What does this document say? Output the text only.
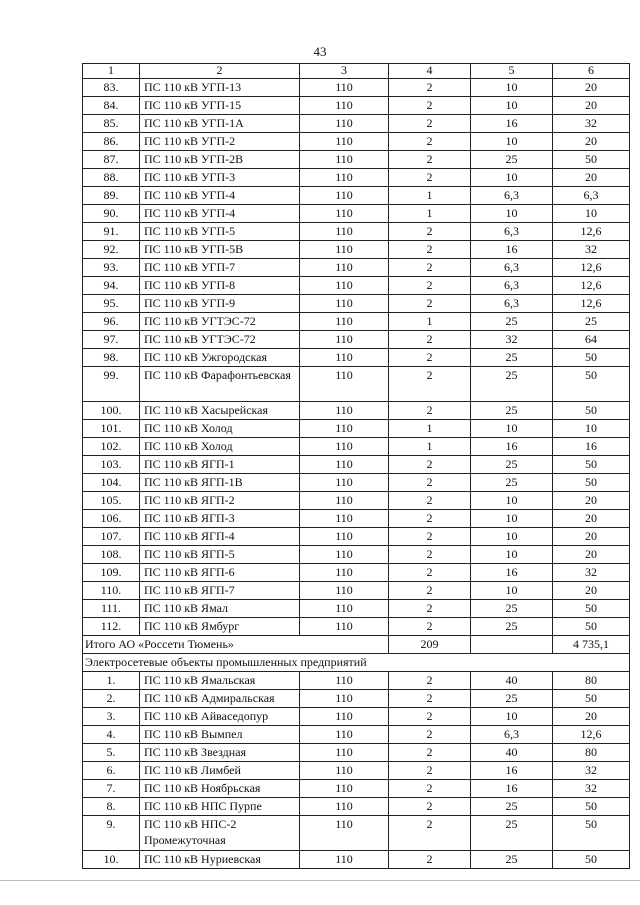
43
1	2	3	4	5	6
83.	ПС 110 кВ УГП-13	110	2	10	20
84.	ПС 110 кВ УГП-15	110	2	10	20
85.	ПС 110 кВ УГП-1А	110	2	16	32
86.	ПС 110 кВ УГП-2	110	2	10	20
87.	ПС 110 кВ УГП-2В	110	2	25	50
88.	ПС 110 кВ УГП-3	110	2	10	20
89.	ПС 110 кВ УГП-4	110	1	6,3	6,3
90.	ПС 110 кВ УГП-4	110	1	10	10
91.	ПС 110 кВ УГП-5	110	2	6,3	12,6
92.	ПС 110 кВ УГП-5В	110	2	16	32
93.	ПС 110 кВ УГП-7	110	2	6,3	12,6
94.	ПС 110 кВ УГП-8	110	2	6,3	12,6
95.	ПС 110 кВ УГП-9	110	2	6,3	12,6
96.	ПС 110 кВ УГТЭС-72	110	1	25	25
97.	ПС 110 кВ УГТЭС-72	110	2	32	64
98.	ПС 110 кВ Ужгородская	110	2	25	50
99.	ПС 110 кВ Фарафонтьевская	110	2	25	50
100.	ПС 110 кВ Хасырейская	110	2	25	50
101.	ПС 110 кВ Холод	110	1	10	10
102.	ПС 110 кВ Холод	110	1	16	16
103.	ПС 110 кВ ЯГП-1	110	2	25	50
104.	ПС 110 кВ ЯГП-1В	110	2	25	50
105.	ПС 110 кВ ЯГП-2	110	2	10	20
106.	ПС 110 кВ ЯГП-3	110	2	10	20
107.	ПС 110 кВ ЯГП-4	110	2	10	20
108.	ПС 110 кВ ЯГП-5	110	2	10	20
109.	ПС 110 кВ ЯГП-6	110	2	16	32
110.	ПС 110 кВ ЯГП-7	110	2	10	20
111.	ПС 110 кВ Ямал	110	2	25	50
112.	ПС 110 кВ Ямбург	110	2	25	50
Итого АО «Россети Тюмень»			209		4 735,1
Электросетевые объекты промышленных предприятий					
1.	ПС 110 кВ Ямальская	110	2	40	80
2.	ПС 110 кВ Адмиральская	110	2	25	50
3.	ПС 110 кВ Айваседопур	110	2	10	20
4.	ПС 110 кВ Вымпел	110	2	6,3	12,6
5.	ПС 110 кВ Звездная	110	2	40	80
6.	ПС 110 кВ Лимбей	110	2	16	32
7.	ПС 110 кВ Ноябрьская	110	2	16	32
8.	ПС 110 кВ НПС Пурпе	110	2	25	50
9.	ПС 110 кВ НПС-2 Промежуточная	110	2	25	50
10.	ПС 110 кВ Нуриевская	110	2	25	50
